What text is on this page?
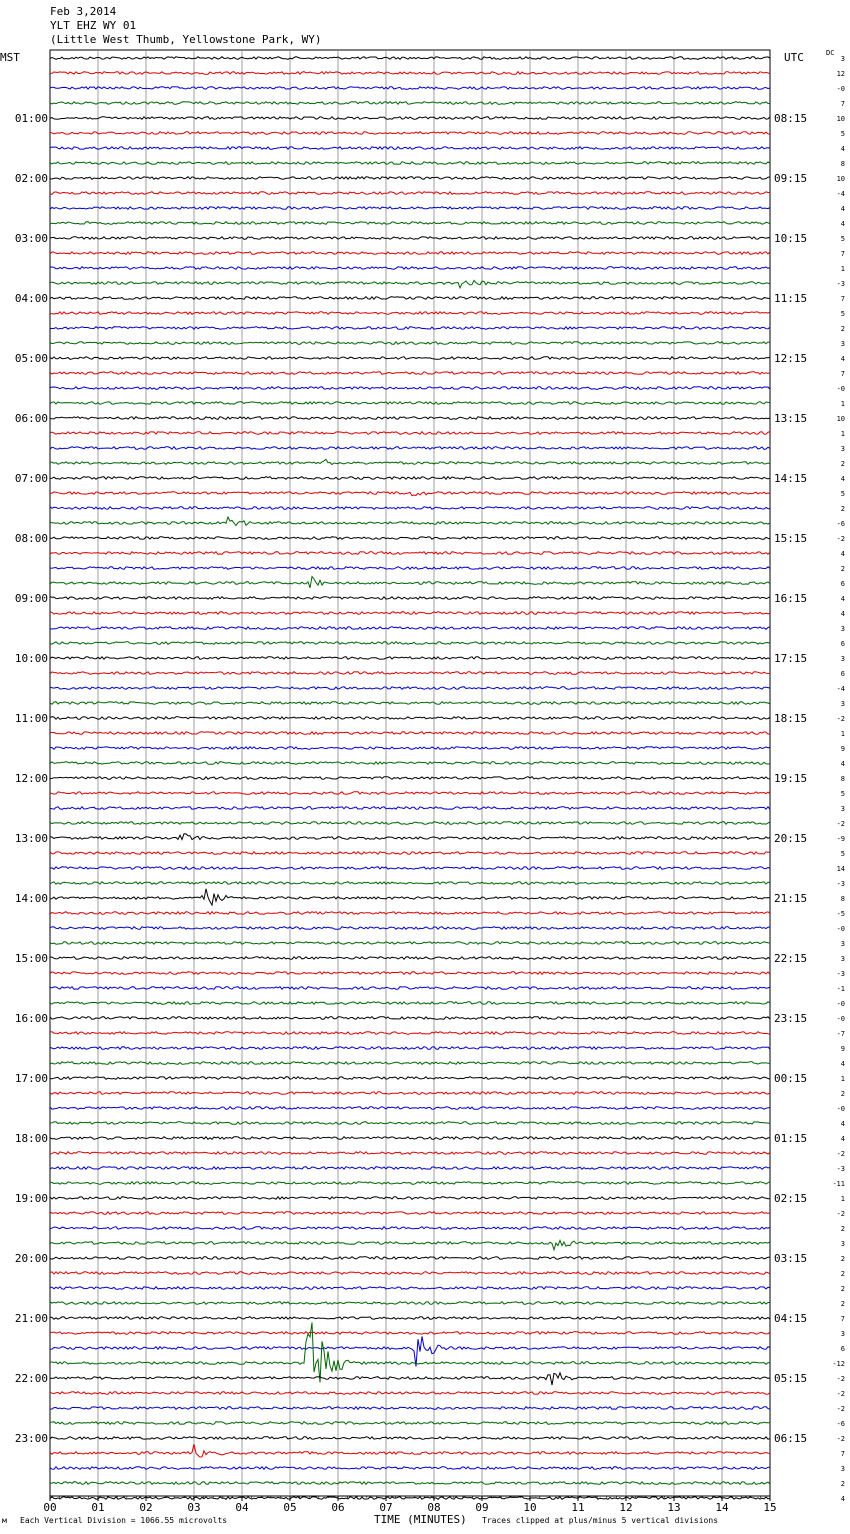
Feb 3,2014
YLT EHZ WY 01
(Little West Thumb, Yellowstone Park, WY)
MST	UTC	DC
00	01	02	03	04	05	06	07	08	09	10	11	12	13	14	15
3
12
-0
7
10
5
4
8
10
-4
4
4
5
7
1
-3
7
5
2
3
4
7
-0
1
10
1
3
2
4
5
2
-6
-2
4
2
6
4
4
3
6
3
6
-4
3
-2
1
9
4
8
5
3
-2
-9
5
14
-3
8
-5
-0
3
3
-3
-1
-0
-0
-7
9
4
1
2
-0
4
4
-2
-3
-11
1
-2
2
3
2
2
2
2
7
3
6
-12
-2
-2
-2
-6
-2
7
3
2
4
01:00
02:00
03:00
04:00
05:00
06:00
07:00
08:00
09:00
10:00
11:00
12:00
13:00
14:00
15:00
16:00
17:00
18:00
19:00
20:00
21:00
22:00
23:00
08:15
09:15
10:15
11:15
12:15
13:15
14:15
15:15
16:15
17:15
18:15
19:15
20:15
21:15
22:15
23:15
00:15
01:15
02:15
03:15
04:15
05:15
06:15
м Each Vertical Division = 1066.55 microvolts	TIME (MINUTES) Traces clipped at plus/minus 5 vertical divisions
